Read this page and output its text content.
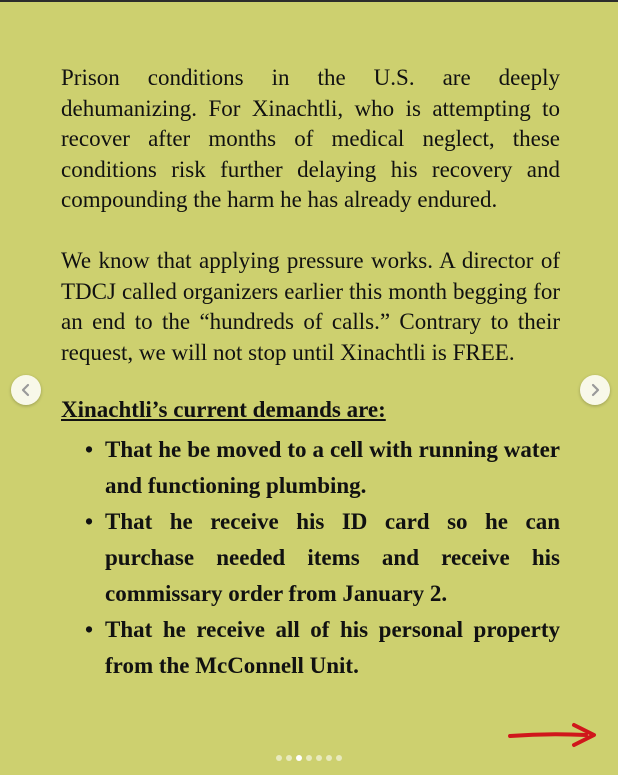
Prison conditions in the U.S. are deeply dehumanizing. For Xinachtli, who is attempting to recover after months of medical neglect, these conditions risk further delaying his recovery and compounding the harm he has already endured.

We know that applying pressure works. A director of TDCJ called organizers earlier this month begging for an end to the “hundreds of calls.” Contrary to their request, we will not stop until Xinachtli is FREE.

Xinachtli’s current demands are:

• That he be moved to a cell with running water and functioning plumbing.
• That he receive his ID card so he can purchase needed items and receive his commissary order from January 2.
• That he receive all of his personal property from the McConnell Unit.
